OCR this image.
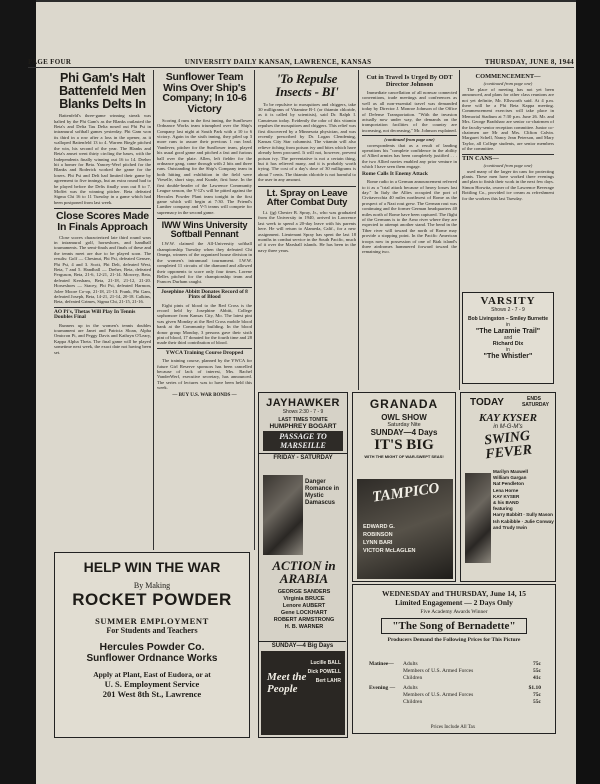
PAGE FOUR	UNIVERSITY DAILY KANSAN, LAWRENCE, KANSAS	THURSDAY, JUNE 8, 1944
Phi Gam's Halt Battenfeld Men Blanks Delts In

Battenfeld's three-game winning streak was halted by the Phi Gam's as the Blanks outlasted the Beta's and Delta Tau Delta nosed out Phi Psi in intramural softball games yesterday. Phi Gam won its third in a row after a loss in the opener, as it walloped Battenfeld 13 to 4. Warren Biegle pitched the win, his second of the year. The Blanks and Beta's amset went thirty circling the bases, with the Independents finally winning out 16 to 14. Dreher hit a homer for Beta. Yancey-Werf pitched for the Blanks and Roderick worked the game for the losers. Phi Psi and Delt had limited their game by agreement to five innings, but an extra round had to be played before the Delts finally won out 8 to 7. Moffet was the winning pitcher. Beta defeated Sigma Chi 16 to 11 Tuesday in a game which had been postponed from last week.

Close Scores Made In Finals Approach

Close scores characterized late third round wars in intramural golf, horseshoes, and handball tournaments. The semi-finals and finals of these and the tennis meet are due to be played soon. The results: Golf — Chestnut, Phi Psi, defeated Gensee, Phi Psi, 4 and 3. Scott, Phi Delt, defeated West, Beta, 7 and 5. Handball — Dreher, Beta, defeated Ferguson, Beta, 21-6, 12-21, 21-14. Mowrey, Beta, defeated Kersham, Beta, 21-18, 21-12, 21-20. Horseshoes — Stacey, Phi Psi, defeated Harmon, Jolee Moore Co-op, 21-18, 21-13. Frank, Phi Gam, defeated Joseph, Beta, 14-21, 21-14, 20-18. Calkins, Beta, defeated Grimes, Sigma Chi, 21-15, 21-16.

AO Pi's, Thetas Will Play In Tennis Doubles Final

Runners up in the women's tennis doubles tournament are Janet and Patricia Sloan, Alpha Omicron Pi, and Peggy Davis and Kathryn O'Leary, Kappa Alpha Theta. The final game will be played sometime next week, the exact date not having been set.

Sunflower Team Wins Over Ship's Company; In 10-6 Victory

Scoring 4 runs in the first inning, the Sunflower Ordnance Works team triumphed over the Ship's Company last night at South Park with a 10 to 6 victory. Again in the sixth inning, they piled up 3 more runs to assure their previous 1 run lead. Vandever, pitcher for the Sunflower team, played his usual good game and pitched a fast and furious ball over the plate. Allen, left fielder for the ordnance gang, came through with 2 hits and three runs. Outstanding for the Ship's Company team in both hitting and exhibition in the field were Vieselle, short stop, and Kunde, first base. In the first double-header of the Lawrence Community League season, the V-12's will be pitted against the Hercules Powder Plant team tonight in the first game which will begin at 7:30. The Friend's Lumber company and V-5 teams will compete for supremacy in the second game.

IWW Wins University Softball Pennant

I.W.W. claimed the All-University softball championship Tuesday when they defeated Chi Omega, winners of the organized house division in the women's intramural tournament. I.W.W. completed 11 circuits of the diamond and allowed their opponents to score only four times. Lorene Belles pitched for the championship team and Frances Durham caught.

Josephine Abbitt Donates Record of 8 Pints of Blood

Eight pints of blood to the Red Cross is the record held by Josephine Abbitt, College sophomore from Kansas City, Mo. The latest pint was given Monday at the Red Cross mobile blood bank at the Community building. In the blood donor group Monday, 3 persons gave their sixth pint of blood, 17 donated for the fourth time and 28 made their third contribution of blood.

YWCA Training Course Dropped

The training course, planned by the YWCA for future Girl Reserve sponsors has been cancelled because of lack of interest, Mrs. Rachel VanderWerf, executive secretary, has announced. The series of lectures was to have been held this week.

— BUY U.S. WAR BONDS —
'To Repulse Insects - BI'

To be repulsive to mosquitoes and chiggers, take 30 milligrams of Vitamine B-1 (or thiamin chloride, as it is called by scientists), said Dr. Ralph I. Canuteson today. Evidently the odor of this vitamin repulses the mosquitoes and chiggers. This relief was first discovered by a Minnesota physician, and was recently prescribed by Dr. Logan Clendening, Kansas City Star columnist. The vitamin will also relieve itching from poison ivy and bites which have already been procured. It will not, however, prevent poison ivy. The preventative is not a certain thing, but it has relieved many, and it is probably worth trying. The cost of a day's dose of 30 milligrams is about 7 cents. The thiamin chloride is not harmful to the user in any amount.

Lt. Spray on Leave After Combat Duty

Lt. (jg) Chester B. Spray, Jr., who was graduated from the University in 1940, arrived in Lawrence last week to spend a 20-day leave with his parents here. He will return to Alameda, Calif., for a new assignment. Lieutenant Spray has spent the last 18 months in combat service in the South Pacific, much of it over the Marshall islands. He has been in the navy three years.

Cut in Travel Is Urged By ODT Director Johnson

Immediate cancellation of all nonwar connected conventions, trade meetings and conferences as well as all non-essential travel was demanded today by Director J. Monroe Johnson of the Office of Defense Transportation. "With the invasion actually now under way, the demands on the transportation facilities of the country are increasing, not decreasing," Mr. Johnson explained.

(continued from page one)

correspondents that as a result of landing operations his "complete confidence in the ability of Allied armies has been completely justified . . . the two Allied navies enabled any prior venture in which I have seen them engage.

Rome Calls It Enemy Attack

Rome radio in a German announcement referred to it as a "trial attack because of heavy losses last day." In Italy the Allies occupied the port of Civitavecchia 40 miles northwest of Rome as the prospect of a Nazi rout grew. The German rout was continuing and the former German headquarters 40 miles north of Rome have been captured. The flight of the Germans is to the Arno river where they are expected to attempt another stand. The bend in the Tiber river will toward the north of Rome may provide a stopping point. In the Pacific American troops now in possession of one of Biak island's three airdromes hammered forward toward the remaining two.

COMMENCEMENT—
(continued from page one)

The place of meeting has not yet been announced, and plans for other class reunions are not yet definite, Mr. Ellsworth said. At 4 p.m. there will be a Phi Beta Kappa meeting. Commencement exercises will take place in Memorial Stadium at 7:30 p.m. June 26. Mr. and Mrs. George Bradshaw are senior co-chairmen of the faculty-senior reception committee. Junior co-chairmen are Mr and Mrs. Clifton Calvin. Margaret Schell, Nancy Jean Peterson, and Mary Taylor, all College students, are senior members of the committee.

TIN CANS—
(continued from page one)

used many of the larger tin cans for protecting plants. These men have worked three evenings and plan to finish their work in the next few days. Simon Horwitz, owner of the Lawrence Beverage Bottling Co., provided ice cream as refreshment for the workers this last Tuesday.

VARSITY
Shows 2 - 7 - 9
Bob Livingston – Smiley Burnette
in
"The Laramie Trail"
and
Richard Dix
in
"The Whistler"
JAYHAWKER
Shows 2:30 - 7 - 9
LAST TIMES TONITE
HUMPHREY BOGART
PASSAGE TO MARSEILLE
FRIDAY - SATURDAY
Danger Romance in Mystic Damascus
ACTION in ARABIA
GEORGE SANDERS
Virginia BRUCE
Lenore AUBERT
Gene LOCKHART
ROBERT ARMSTRONG
H. B. WARNER
SUNDAY—4 Big Days
Meet the People
Lucille BALL
Dick POWELL
Bert LAHR
GRANADA
OWL SHOW
Saturday Nite
SUNDAY—4 Days
IT'S BIG
WITH THE MIGHT OF WAR-SWEPT SEAS!
TAMPICO
EDWARD G. ROBINSON
LYNN BARI
VICTOR McLAGLEN
TODAY	ENDS SATURDAY
KAY KYSER
in M-G-M's
SWING FEVER
Marilyn Maxwell
William Gargan
Nat Pendleton
Lena Horne
KAY KYSER
& his BAND
featuring
Harry Babbitt · Sully Mason
Ish Kabibble · Julie Conway
and Trudy Irwin
WEDNESDAY and THURSDAY, June 14, 15
Limited Engagement — 2 Days Only
Five Academy Awards Winner
"The Song of Bernadette"
Producers Demand the Following Prices for This Picture
Matinee—	Adults	75c
Members of U.S. Armed Forces	55c
Children	41c
Evening —	Adults	$1.10
Members of U.S. Armed Forces	75c
Children	55c
Prices Include All Tax
HELP WIN THE WAR
By Making
ROCKET POWDER
SUMMER EMPLOYMENT
For Students and Teachers
Hercules Powder Co.
Sunflower Ordnance Works
Apply at Plant, East of Eudora, or at
U. S. Employment Service
201 West 8th St., Lawrence
